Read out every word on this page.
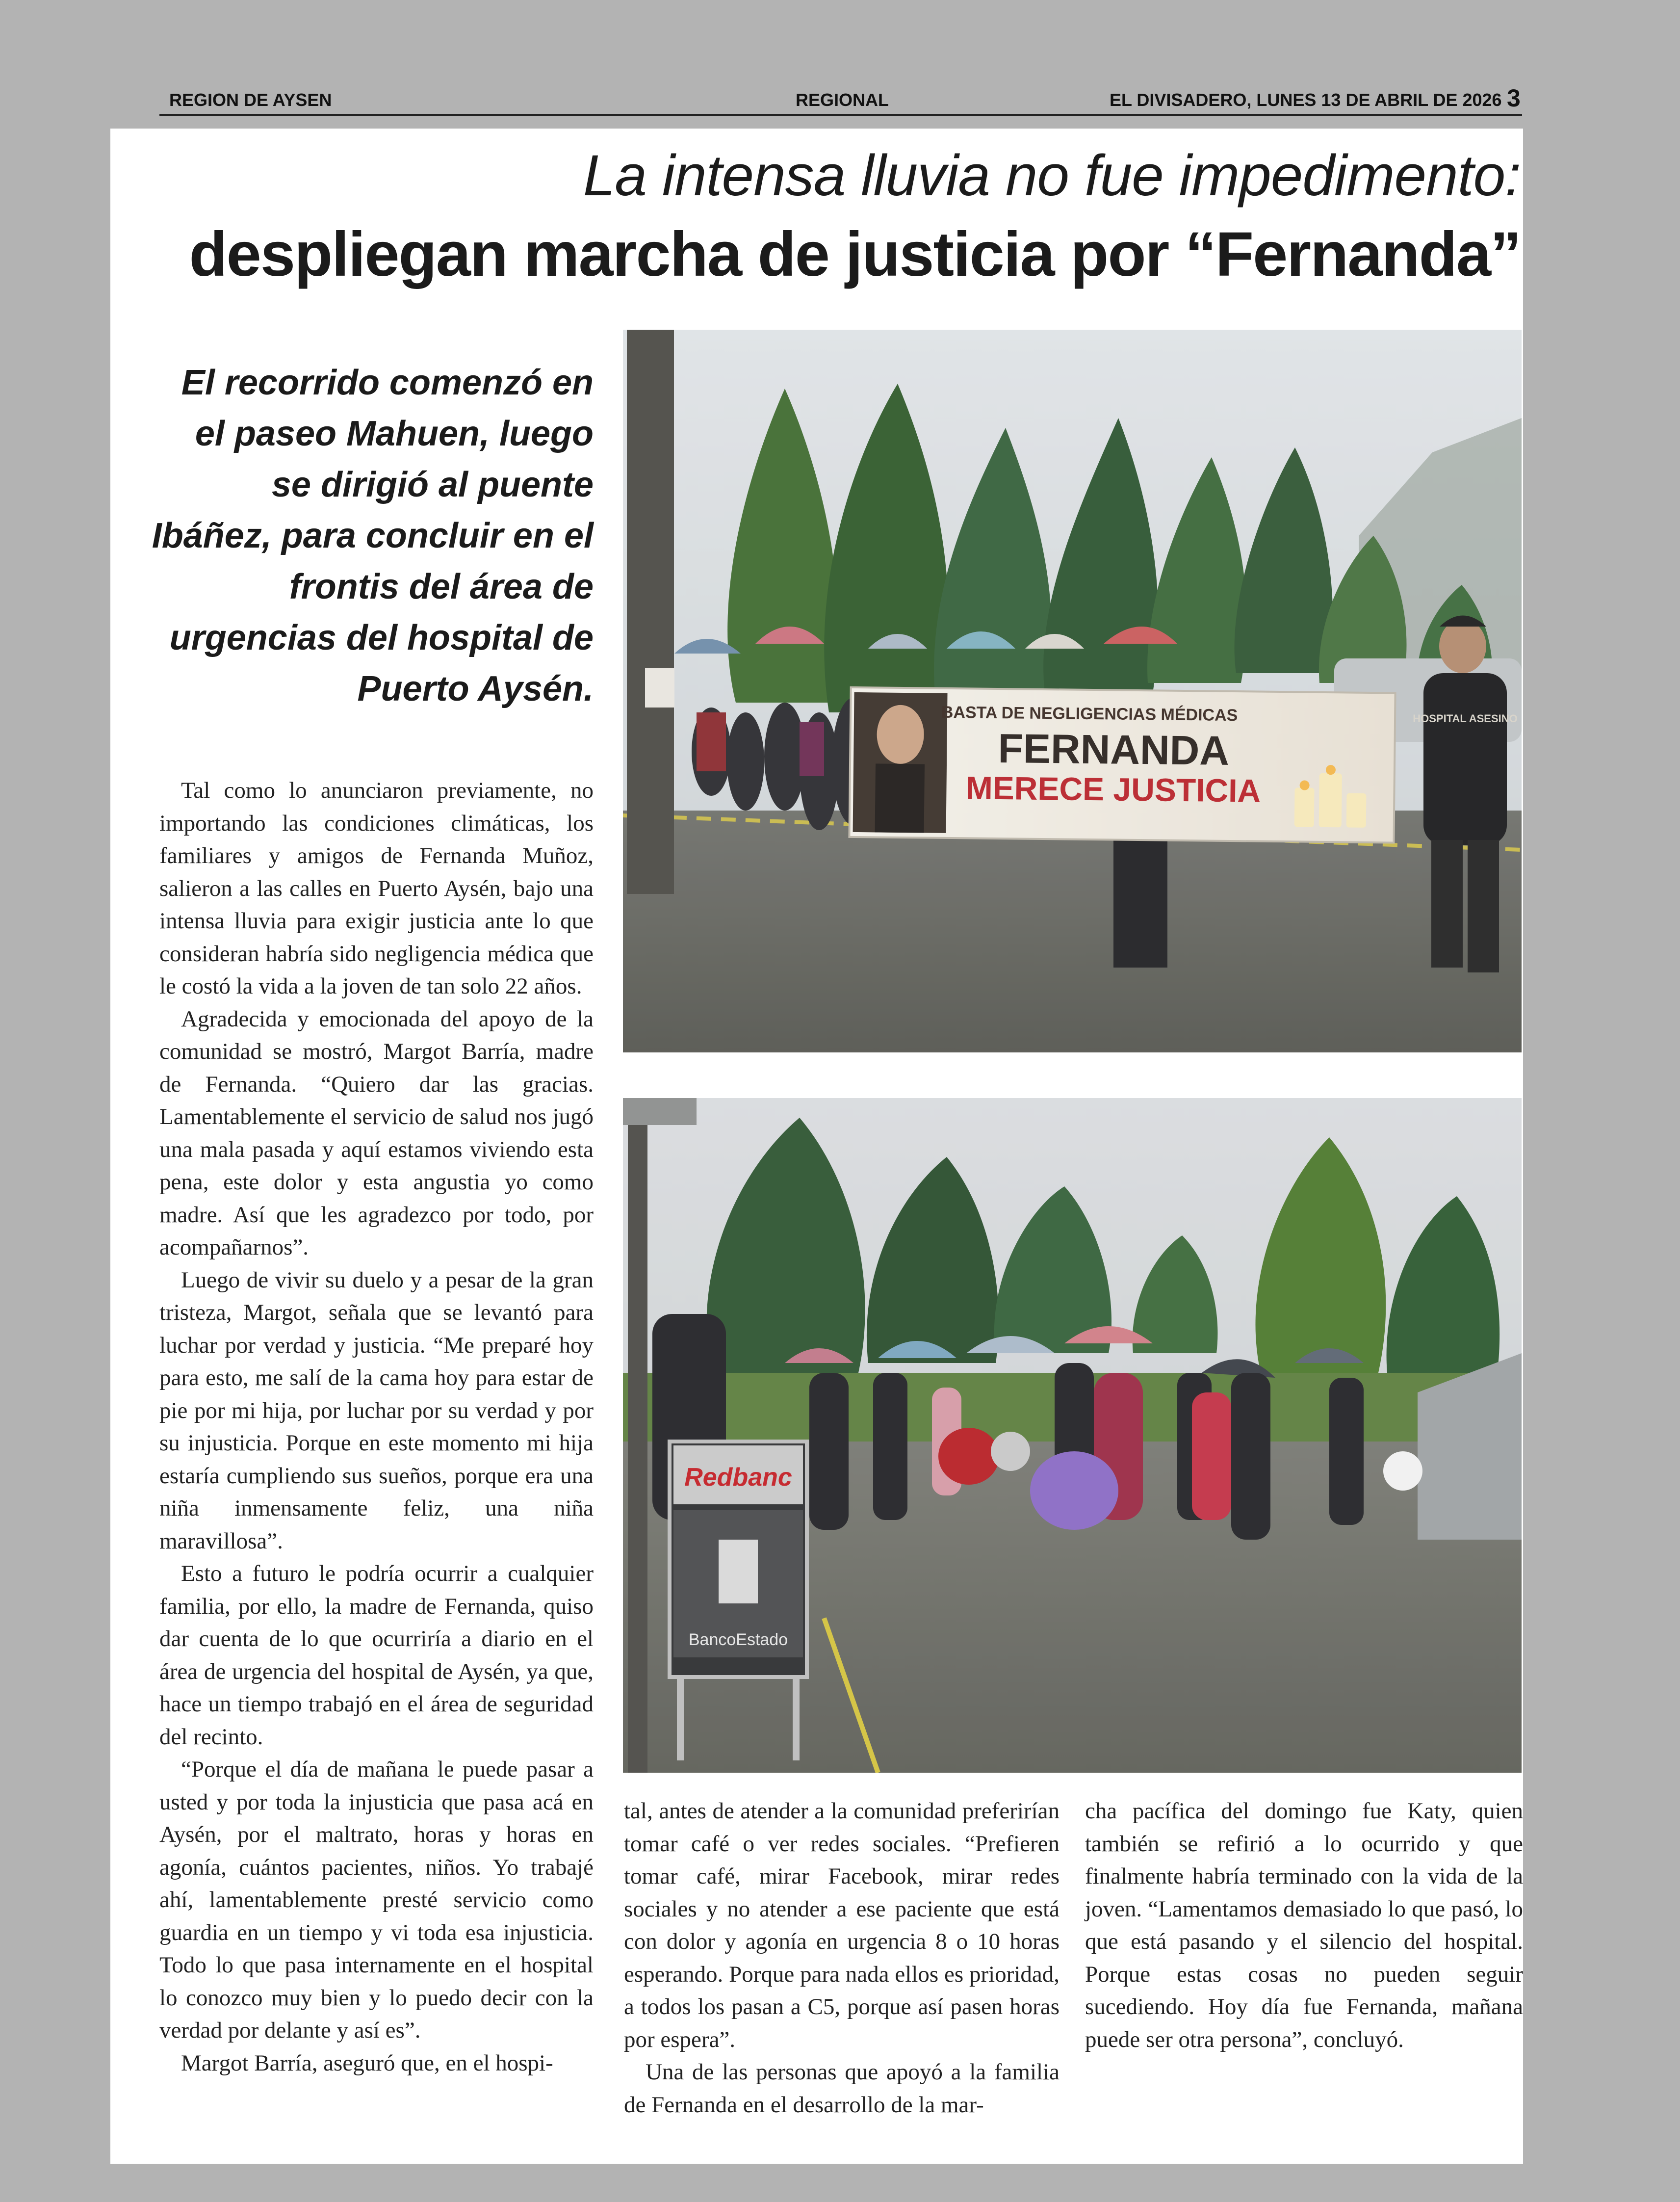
REGION DE AYSEN	REGIONAL	EL DIVISADERO, LUNES 13 DE ABRIL DE 2026 3
La intensa lluvia no fue impedimento:
despliegan marcha de justicia por “Fernanda”
El recorrido comenzó en el paseo Mahuen, luego se dirigió al puente Ibáñez, para concluir en el frontis del área de urgencias del hospital de Puerto Aysén.

Tal como lo anunciaron previamente, no importando las condiciones climáticas, los familiares y amigos de Fernanda Muñoz, salieron a las calles en Puerto Aysén, bajo una intensa lluvia para exigir justicia ante lo que consideran habría sido negligencia médica que le costó la vida a la joven de tan solo 22 años.

Agradecida y emocionada del apoyo de la comunidad se mostró, Margot Barría, madre de Fernanda. “Quiero dar las gracias. Lamentablemente el servicio de salud nos jugó una mala pasada y aquí estamos viviendo esta pena, este dolor y esta angustia yo como madre. Así que les agradezco por todo, por acompañarnos”.

Luego de vivir su duelo y a pesar de la gran tristeza, Margot, señala que se levantó para luchar por verdad y justicia. “Me preparé hoy para esto, me salí de la cama hoy para estar de pie por mi hija, por luchar por su verdad y por su injusticia. Porque en este momento mi hija estaría cumpliendo sus sueños, porque era una niña inmensamente feliz, una niña maravillosa”.

Esto a futuro le podría ocurrir a cualquier familia, por ello, la madre de Fernanda, quiso dar cuenta de lo que ocurriría a diario en el área de urgencia del hospital de Aysén, ya que, hace un tiempo trabajó en el área de seguridad del recinto.

“Porque el día de mañana le puede pasar a usted y por toda la injusticia que pasa acá en Aysén, por el maltrato, horas y horas en agonía, cuántos pacientes, niños. Yo trabajé ahí, lamentablemente presté servicio como guardia en un tiempo y vi toda esa injusticia. Todo lo que pasa internamente en el hospital lo conozco muy bien y lo puedo decir con la verdad por delante y así es”.

Margot Barría, aseguró que, en el hospi-

tal, antes de atender a la comunidad preferirían tomar café o ver redes sociales. “Prefieren tomar café, mirar Facebook, mirar redes sociales y no atender a ese paciente que está con dolor y agonía en urgencia 8 o 10 horas esperando. Porque para nada ellos es prioridad, a todos los pasan a C5, porque así pasen horas por espera”.

Una de las personas que apoyó a la familia de Fernanda en el desarrollo de la mar-

cha pacífica del domingo fue Katy, quien también se refirió a lo ocurrido y que finalmente habría terminado con la vida de la joven. “Lamentamos demasiado lo que pasó, lo que está pasando y el silencio del hospital. Porque estas cosas no pueden seguir sucediendo. Hoy día fue Fernanda, mañana puede ser otra persona”, concluyó.

BASTA DE NEGLIGENCIAS MÉDICAS
FERNANDA
MERECE JUSTICIA
HOSPITAL ASESINO
Redbanc
BancoEstado
